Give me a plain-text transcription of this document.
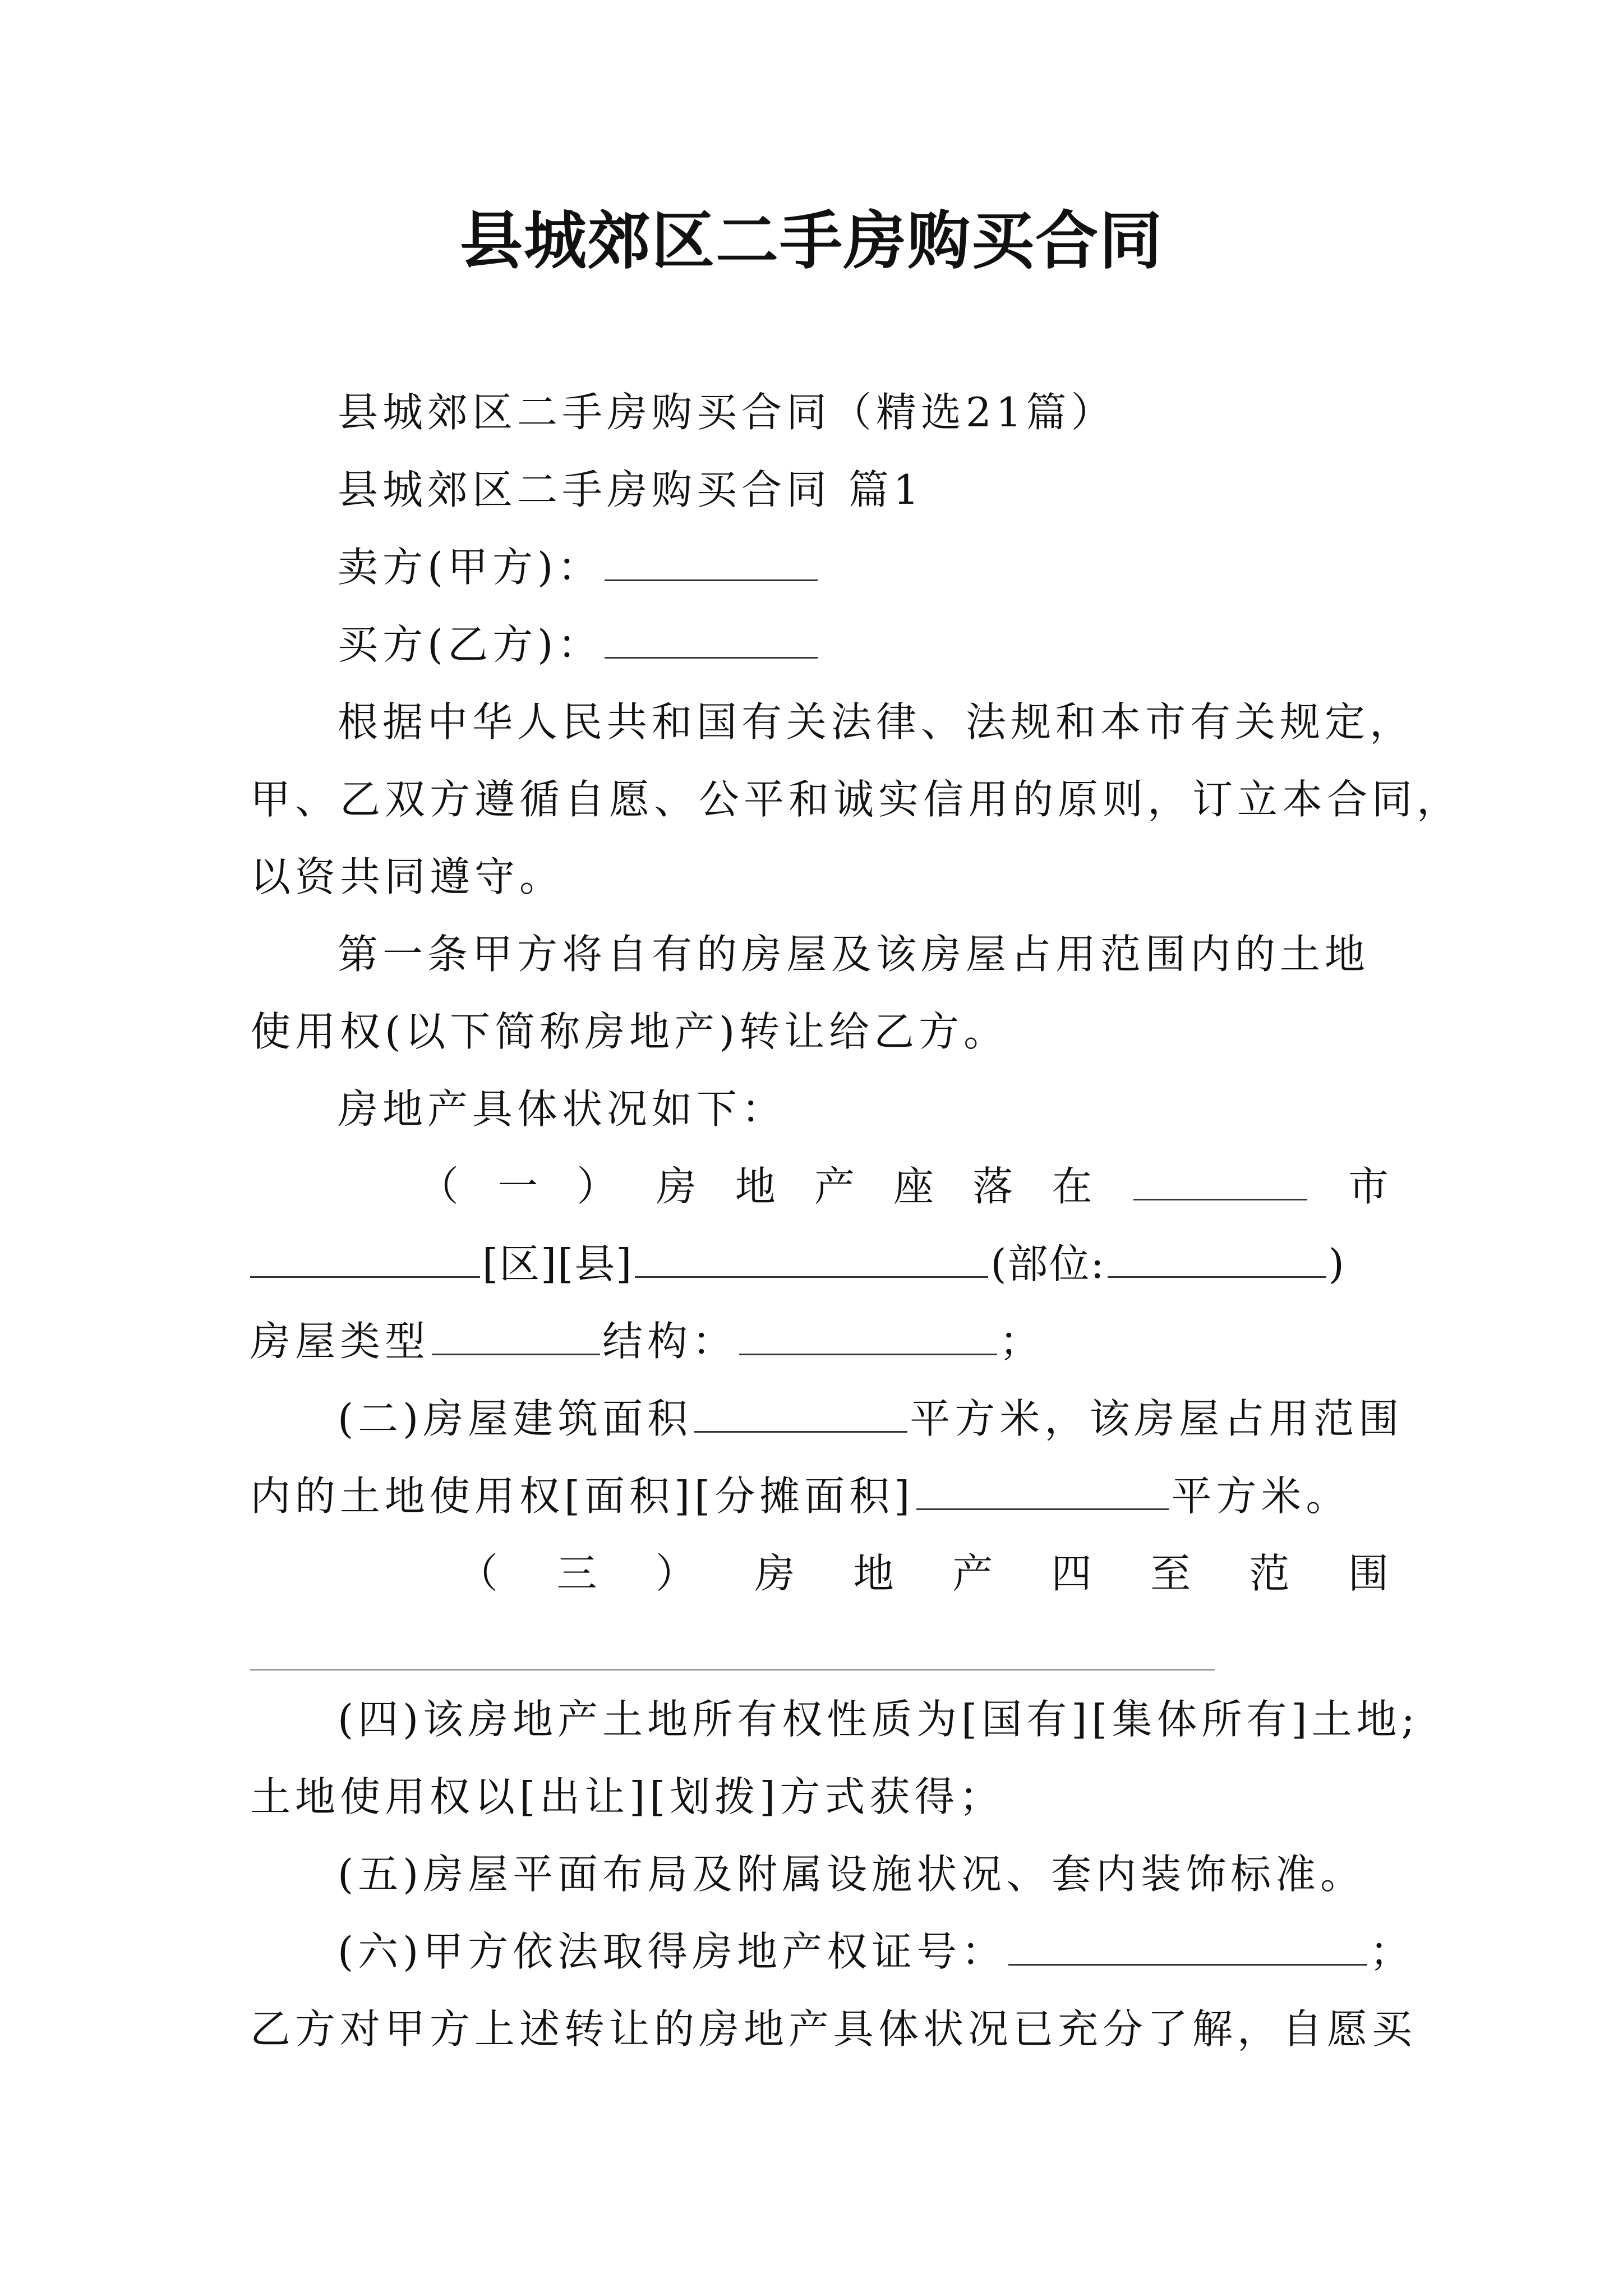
县城郊区二手房购买合同
县城郊区二手房购买合同（精选21篇）
县城郊区二手房购买合同 篇1
卖方(甲方)：
买方(乙方)：
根据中华人民共和国有关法律、法规和本市有关规定，
甲、乙双方遵循自愿、公平和诚实信用的原则，订立本合同，
以资共同遵守。
第一条甲方将自有的房屋及该房屋占用范围内的土地
使用权(以下简称房地产)转让给乙方。
房地产具体状况如下：
（ 一 ） 房 地 产 座 落 在	市
[区][县]	(部位:	)
房屋类型	结构：	；
(二)房屋建筑面积	平方米，该房屋占用范围
内的土地使用权[面积][分摊面积]	平方米。
（ 三 ） 房 地 产 四 至 范 围
(四)该房地产土地所有权性质为[国有][集体所有]土地;
土地使用权以[出让][划拨]方式获得；
(五)房屋平面布局及附属设施状况、套内装饰标准。
(六)甲方依法取得房地产权证号：	；
乙方对甲方上述转让的房地产具体状况已充分了解，自愿买
